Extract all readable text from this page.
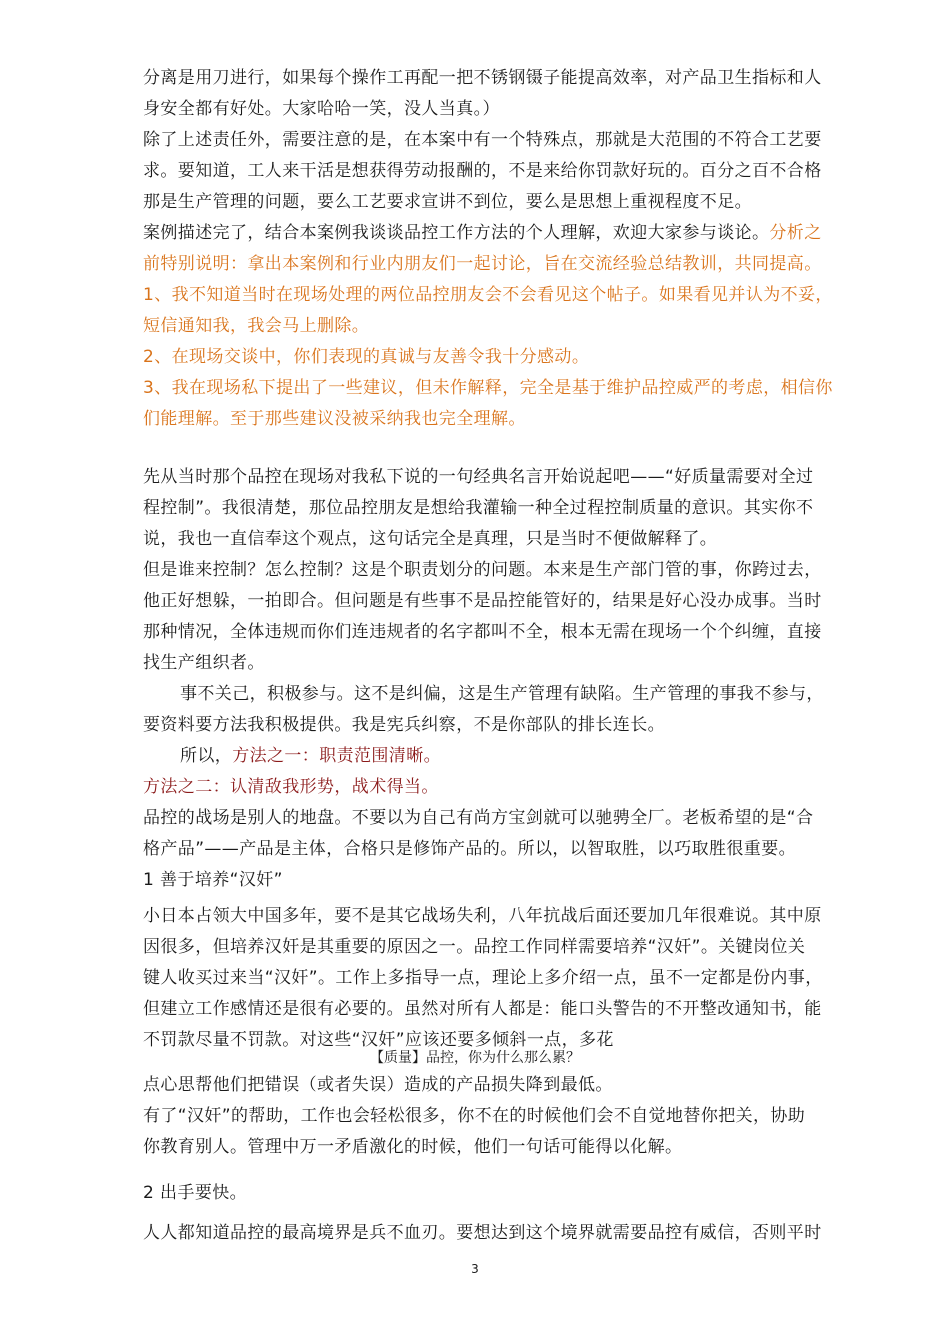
分离是用刀进行，如果每个操作工再配一把不锈钢镊子能提高效率，对产品卫生指标和人
身安全都有好处。大家哈哈一笑，没人当真。）
除了上述责任外，需要注意的是，在本案中有一个特殊点，那就是大范围的不符合工艺要
求。要知道，工人来干活是想获得劳动报酬的，不是来给你罚款好玩的。百分之百不合格
那是生产管理的问题，要么工艺要求宣讲不到位，要么是思想上重视程度不足。
案例描述完了，结合本案例我谈谈品控工作方法的个人理解，欢迎大家参与谈论。分析之
前特别说明：拿出本案例和行业内朋友们一起讨论，旨在交流经验总结教训，共同提高。
1、我不知道当时在现场处理的两位品控朋友会不会看见这个帖子。如果看见并认为不妥，
短信通知我，我会马上删除。
2、在现场交谈中，你们表现的真诚与友善令我十分感动。
3、我在现场私下提出了一些建议，但未作解释，完全是基于维护品控威严的考虑，相信你
们能理解。至于那些建议没被采纳我也完全理解。
先从当时那个品控在现场对我私下说的一句经典名言开始说起吧——“好质量需要对全过
程控制”。我很清楚，那位品控朋友是想给我灌输一种全过程控制质量的意识。其实你不
说，我也一直信奉这个观点，这句话完全是真理，只是当时不便做解释了。
但是谁来控制？怎么控制？这是个职责划分的问题。本来是生产部门管的事，你跨过去，
他正好想躲，一拍即合。但问题是有些事不是品控能管好的，结果是好心没办成事。当时
那种情况，全体违规而你们连违规者的名字都叫不全，根本无需在现场一个个纠缠，直接
找生产组织者。
事不关己，积极参与。这不是纠偏，这是生产管理有缺陷。生产管理的事我不参与，
要资料要方法我积极提供。我是宪兵纠察，不是你部队的排长连长。
所以，方法之一：职责范围清晰。
方法之二：认清敌我形势，战术得当。
品控的战场是别人的地盘。不要以为自己有尚方宝剑就可以驰骋全厂。老板希望的是“合
格产品”——产品是主体，合格只是修饰产品的。所以，以智取胜，以巧取胜很重要。
1 善于培养“汉奸”
小日本占领大中国多年，要不是其它战场失利，八年抗战后面还要加几年很难说。其中原
因很多，但培养汉奸是其重要的原因之一。品控工作同样需要培养“汉奸”。关键岗位关
键人收买过来当“汉奸”。工作上多指导一点，理论上多介绍一点，虽不一定都是份内事，
但建立工作感情还是很有必要的。虽然对所有人都是：能口头警告的不开整改通知书，能
不罚款尽量不罚款。对这些“汉奸”应该还要多倾斜一点，多花
【质量】品控，你为什么那么累？
点心思帮他们把错误（或者失误）造成的产品损失降到最低。
有了“汉奸”的帮助，工作也会轻松很多，你不在的时候他们会不自觉地替你把关，协助
你教育别人。管理中万一矛盾激化的时候，他们一句话可能得以化解。
2 出手要快。
人人都知道品控的最高境界是兵不血刃。要想达到这个境界就需要品控有威信，否则平时
3
